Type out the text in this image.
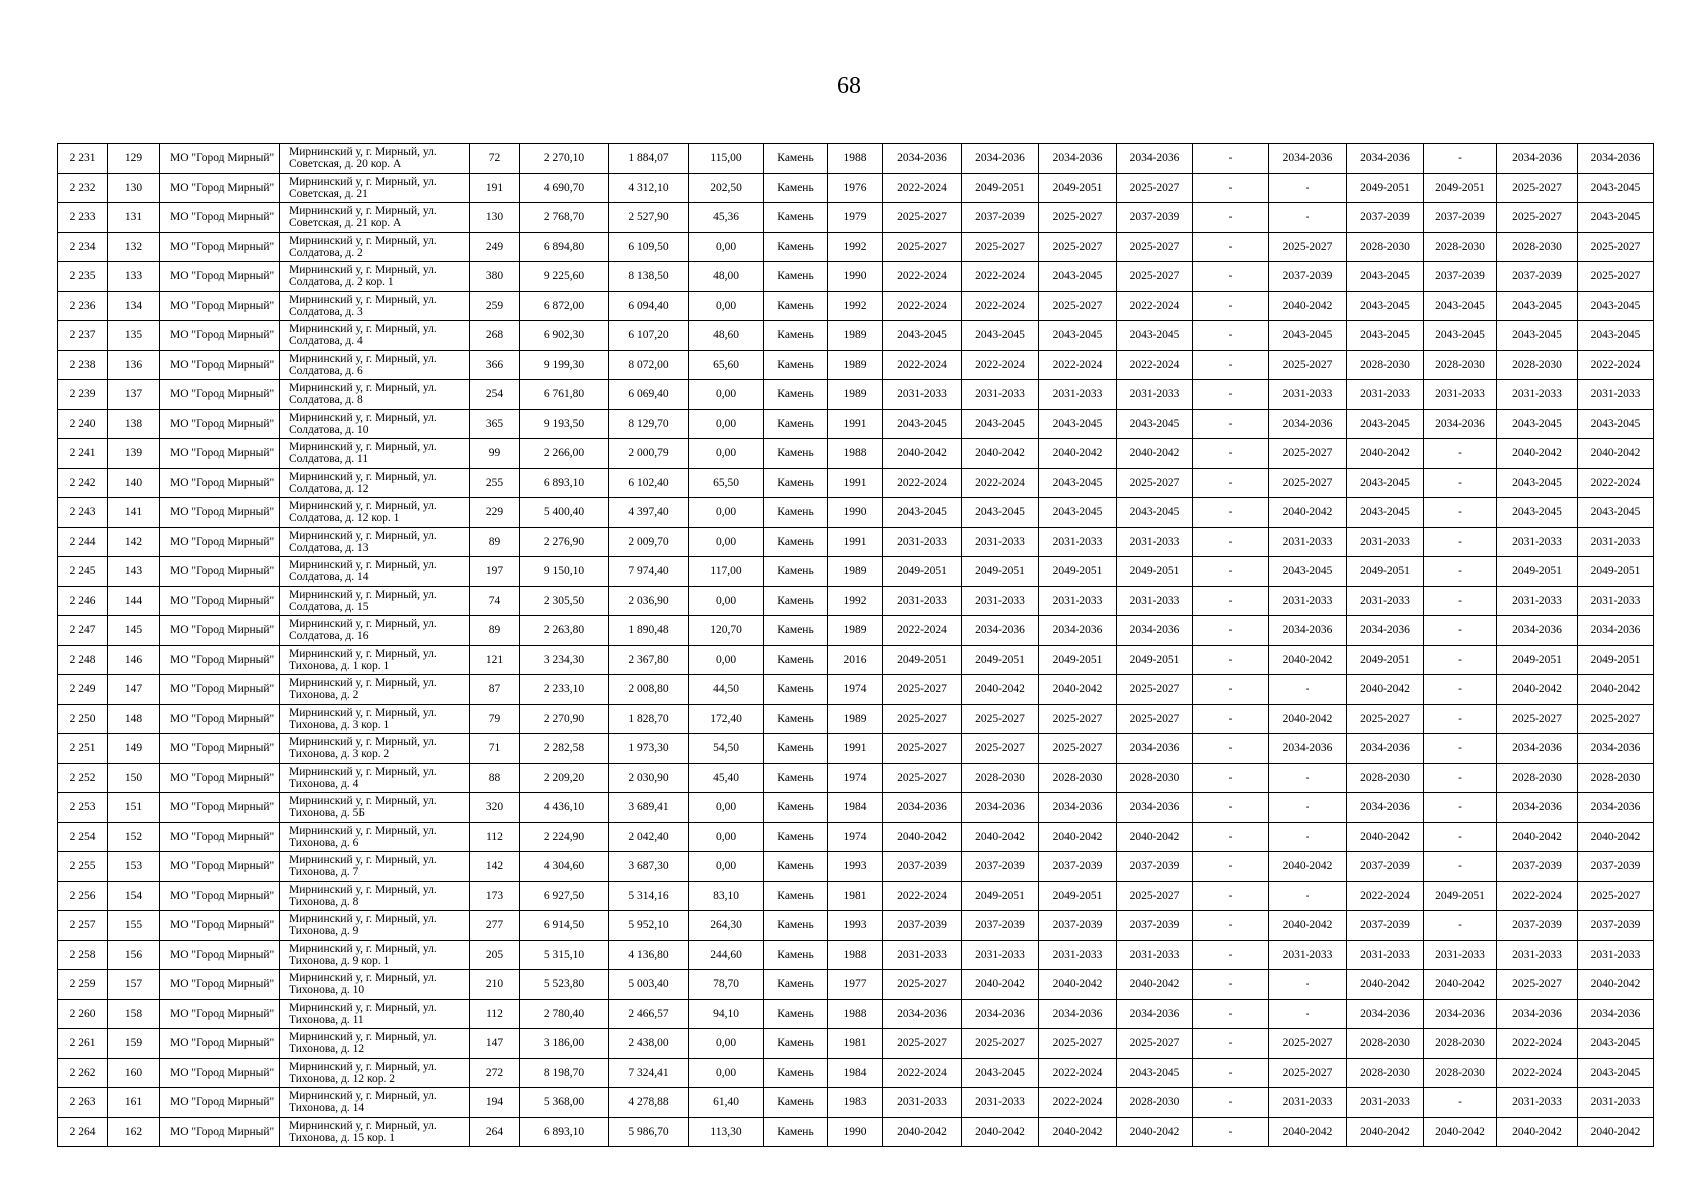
68
2 231	129	МО "Город Мирный"	Мирнинский у, г. Мирный, ул. Советская, д. 20 кор. А	72	2 270,10	1 884,07	115,00	Камень	1988	2034-2036	2034-2036	2034-2036	2034-2036	-	2034-2036	2034-2036	-	2034-2036	2034-2036
2 232	130	МО "Город Мирный"	Мирнинский у, г. Мирный, ул. Советская, д. 21	191	4 690,70	4 312,10	202,50	Камень	1976	2022-2024	2049-2051	2049-2051	2025-2027	-	-	2049-2051	2049-2051	2025-2027	2043-2045
2 233	131	МО "Город Мирный"	Мирнинский у, г. Мирный, ул. Советская, д. 21 кор. А	130	2 768,70	2 527,90	45,36	Камень	1979	2025-2027	2037-2039	2025-2027	2037-2039	-	-	2037-2039	2037-2039	2025-2027	2043-2045
2 234	132	МО "Город Мирный"	Мирнинский у, г. Мирный, ул. Солдатова, д. 2	249	6 894,80	6 109,50	0,00	Камень	1992	2025-2027	2025-2027	2025-2027	2025-2027	-	2025-2027	2028-2030	2028-2030	2028-2030	2025-2027
2 235	133	МО "Город Мирный"	Мирнинский у, г. Мирный, ул. Солдатова, д. 2 кор. 1	380	9 225,60	8 138,50	48,00	Камень	1990	2022-2024	2022-2024	2043-2045	2025-2027	-	2037-2039	2043-2045	2037-2039	2037-2039	2025-2027
2 236	134	МО "Город Мирный"	Мирнинский у, г. Мирный, ул. Солдатова, д. 3	259	6 872,00	6 094,40	0,00	Камень	1992	2022-2024	2022-2024	2025-2027	2022-2024	-	2040-2042	2043-2045	2043-2045	2043-2045	2043-2045
2 237	135	МО "Город Мирный"	Мирнинский у, г. Мирный, ул. Солдатова, д. 4	268	6 902,30	6 107,20	48,60	Камень	1989	2043-2045	2043-2045	2043-2045	2043-2045	-	2043-2045	2043-2045	2043-2045	2043-2045	2043-2045
2 238	136	МО "Город Мирный"	Мирнинский у, г. Мирный, ул. Солдатова, д. 6	366	9 199,30	8 072,00	65,60	Камень	1989	2022-2024	2022-2024	2022-2024	2022-2024	-	2025-2027	2028-2030	2028-2030	2028-2030	2022-2024
2 239	137	МО "Город Мирный"	Мирнинский у, г. Мирный, ул. Солдатова, д. 8	254	6 761,80	6 069,40	0,00	Камень	1989	2031-2033	2031-2033	2031-2033	2031-2033	-	2031-2033	2031-2033	2031-2033	2031-2033	2031-2033
2 240	138	МО "Город Мирный"	Мирнинский у, г. Мирный, ул. Солдатова, д. 10	365	9 193,50	8 129,70	0,00	Камень	1991	2043-2045	2043-2045	2043-2045	2043-2045	-	2034-2036	2043-2045	2034-2036	2043-2045	2043-2045
2 241	139	МО "Город Мирный"	Мирнинский у, г. Мирный, ул. Солдатова, д. 11	99	2 266,00	2 000,79	0,00	Камень	1988	2040-2042	2040-2042	2040-2042	2040-2042	-	2025-2027	2040-2042	-	2040-2042	2040-2042
2 242	140	МО "Город Мирный"	Мирнинский у, г. Мирный, ул. Солдатова, д. 12	255	6 893,10	6 102,40	65,50	Камень	1991	2022-2024	2022-2024	2043-2045	2025-2027	-	2025-2027	2043-2045	-	2043-2045	2022-2024
2 243	141	МО "Город Мирный"	Мирнинский у, г. Мирный, ул. Солдатова, д. 12 кор. 1	229	5 400,40	4 397,40	0,00	Камень	1990	2043-2045	2043-2045	2043-2045	2043-2045	-	2040-2042	2043-2045	-	2043-2045	2043-2045
2 244	142	МО "Город Мирный"	Мирнинский у, г. Мирный, ул. Солдатова, д. 13	89	2 276,90	2 009,70	0,00	Камень	1991	2031-2033	2031-2033	2031-2033	2031-2033	-	2031-2033	2031-2033	-	2031-2033	2031-2033
2 245	143	МО "Город Мирный"	Мирнинский у, г. Мирный, ул. Солдатова, д. 14	197	9 150,10	7 974,40	117,00	Камень	1989	2049-2051	2049-2051	2049-2051	2049-2051	-	2043-2045	2049-2051	-	2049-2051	2049-2051
2 246	144	МО "Город Мирный"	Мирнинский у, г. Мирный, ул. Солдатова, д. 15	74	2 305,50	2 036,90	0,00	Камень	1992	2031-2033	2031-2033	2031-2033	2031-2033	-	2031-2033	2031-2033	-	2031-2033	2031-2033
2 247	145	МО "Город Мирный"	Мирнинский у, г. Мирный, ул. Солдатова, д. 16	89	2 263,80	1 890,48	120,70	Камень	1989	2022-2024	2034-2036	2034-2036	2034-2036	-	2034-2036	2034-2036	-	2034-2036	2034-2036
2 248	146	МО "Город Мирный"	Мирнинский у, г. Мирный, ул. Тихонова, д. 1 кор. 1	121	3 234,30	2 367,80	0,00	Камень	2016	2049-2051	2049-2051	2049-2051	2049-2051	-	2040-2042	2049-2051	-	2049-2051	2049-2051
2 249	147	МО "Город Мирный"	Мирнинский у, г. Мирный, ул. Тихонова, д. 2	87	2 233,10	2 008,80	44,50	Камень	1974	2025-2027	2040-2042	2040-2042	2025-2027	-	-	2040-2042	-	2040-2042	2040-2042
2 250	148	МО "Город Мирный"	Мирнинский у, г. Мирный, ул. Тихонова, д. 3 кор. 1	79	2 270,90	1 828,70	172,40	Камень	1989	2025-2027	2025-2027	2025-2027	2025-2027	-	2040-2042	2025-2027	-	2025-2027	2025-2027
2 251	149	МО "Город Мирный"	Мирнинский у, г. Мирный, ул. Тихонова, д. 3 кор. 2	71	2 282,58	1 973,30	54,50	Камень	1991	2025-2027	2025-2027	2025-2027	2034-2036	-	2034-2036	2034-2036	-	2034-2036	2034-2036
2 252	150	МО "Город Мирный"	Мирнинский у, г. Мирный, ул. Тихонова, д. 4	88	2 209,20	2 030,90	45,40	Камень	1974	2025-2027	2028-2030	2028-2030	2028-2030	-	-	2028-2030	-	2028-2030	2028-2030
2 253	151	МО "Город Мирный"	Мирнинский у, г. Мирный, ул. Тихонова, д. 5Б	320	4 436,10	3 689,41	0,00	Камень	1984	2034-2036	2034-2036	2034-2036	2034-2036	-	-	2034-2036	-	2034-2036	2034-2036
2 254	152	МО "Город Мирный"	Мирнинский у, г. Мирный, ул. Тихонова, д. 6	112	2 224,90	2 042,40	0,00	Камень	1974	2040-2042	2040-2042	2040-2042	2040-2042	-	-	2040-2042	-	2040-2042	2040-2042
2 255	153	МО "Город Мирный"	Мирнинский у, г. Мирный, ул. Тихонова, д. 7	142	4 304,60	3 687,30	0,00	Камень	1993	2037-2039	2037-2039	2037-2039	2037-2039	-	2040-2042	2037-2039	-	2037-2039	2037-2039
2 256	154	МО "Город Мирный"	Мирнинский у, г. Мирный, ул. Тихонова, д. 8	173	6 927,50	5 314,16	83,10	Камень	1981	2022-2024	2049-2051	2049-2051	2025-2027	-	-	2022-2024	2049-2051	2022-2024	2025-2027
2 257	155	МО "Город Мирный"	Мирнинский у, г. Мирный, ул. Тихонова, д. 9	277	6 914,50	5 952,10	264,30	Камень	1993	2037-2039	2037-2039	2037-2039	2037-2039	-	2040-2042	2037-2039	-	2037-2039	2037-2039
2 258	156	МО "Город Мирный"	Мирнинский у, г. Мирный, ул. Тихонова, д. 9 кор. 1	205	5 315,10	4 136,80	244,60	Камень	1988	2031-2033	2031-2033	2031-2033	2031-2033	-	2031-2033	2031-2033	2031-2033	2031-2033	2031-2033
2 259	157	МО "Город Мирный"	Мирнинский у, г. Мирный, ул. Тихонова, д. 10	210	5 523,80	5 003,40	78,70	Камень	1977	2025-2027	2040-2042	2040-2042	2040-2042	-	-	2040-2042	2040-2042	2025-2027	2040-2042
2 260	158	МО "Город Мирный"	Мирнинский у, г. Мирный, ул. Тихонова, д. 11	112	2 780,40	2 466,57	94,10	Камень	1988	2034-2036	2034-2036	2034-2036	2034-2036	-	-	2034-2036	2034-2036	2034-2036	2034-2036
2 261	159	МО "Город Мирный"	Мирнинский у, г. Мирный, ул. Тихонова, д. 12	147	3 186,00	2 438,00	0,00	Камень	1981	2025-2027	2025-2027	2025-2027	2025-2027	-	2025-2027	2028-2030	2028-2030	2022-2024	2043-2045
2 262	160	МО "Город Мирный"	Мирнинский у, г. Мирный, ул. Тихонова, д. 12 кор. 2	272	8 198,70	7 324,41	0,00	Камень	1984	2022-2024	2043-2045	2022-2024	2043-2045	-	2025-2027	2028-2030	2028-2030	2022-2024	2043-2045
2 263	161	МО "Город Мирный"	Мирнинский у, г. Мирный, ул. Тихонова, д. 14	194	5 368,00	4 278,88	61,40	Камень	1983	2031-2033	2031-2033	2022-2024	2028-2030	-	2031-2033	2031-2033	-	2031-2033	2031-2033
2 264	162	МО "Город Мирный"	Мирнинский у, г. Мирный, ул. Тихонова, д. 15 кор. 1	264	6 893,10	5 986,70	113,30	Камень	1990	2040-2042	2040-2042	2040-2042	2040-2042	-	2040-2042	2040-2042	2040-2042	2040-2042	2040-2042
